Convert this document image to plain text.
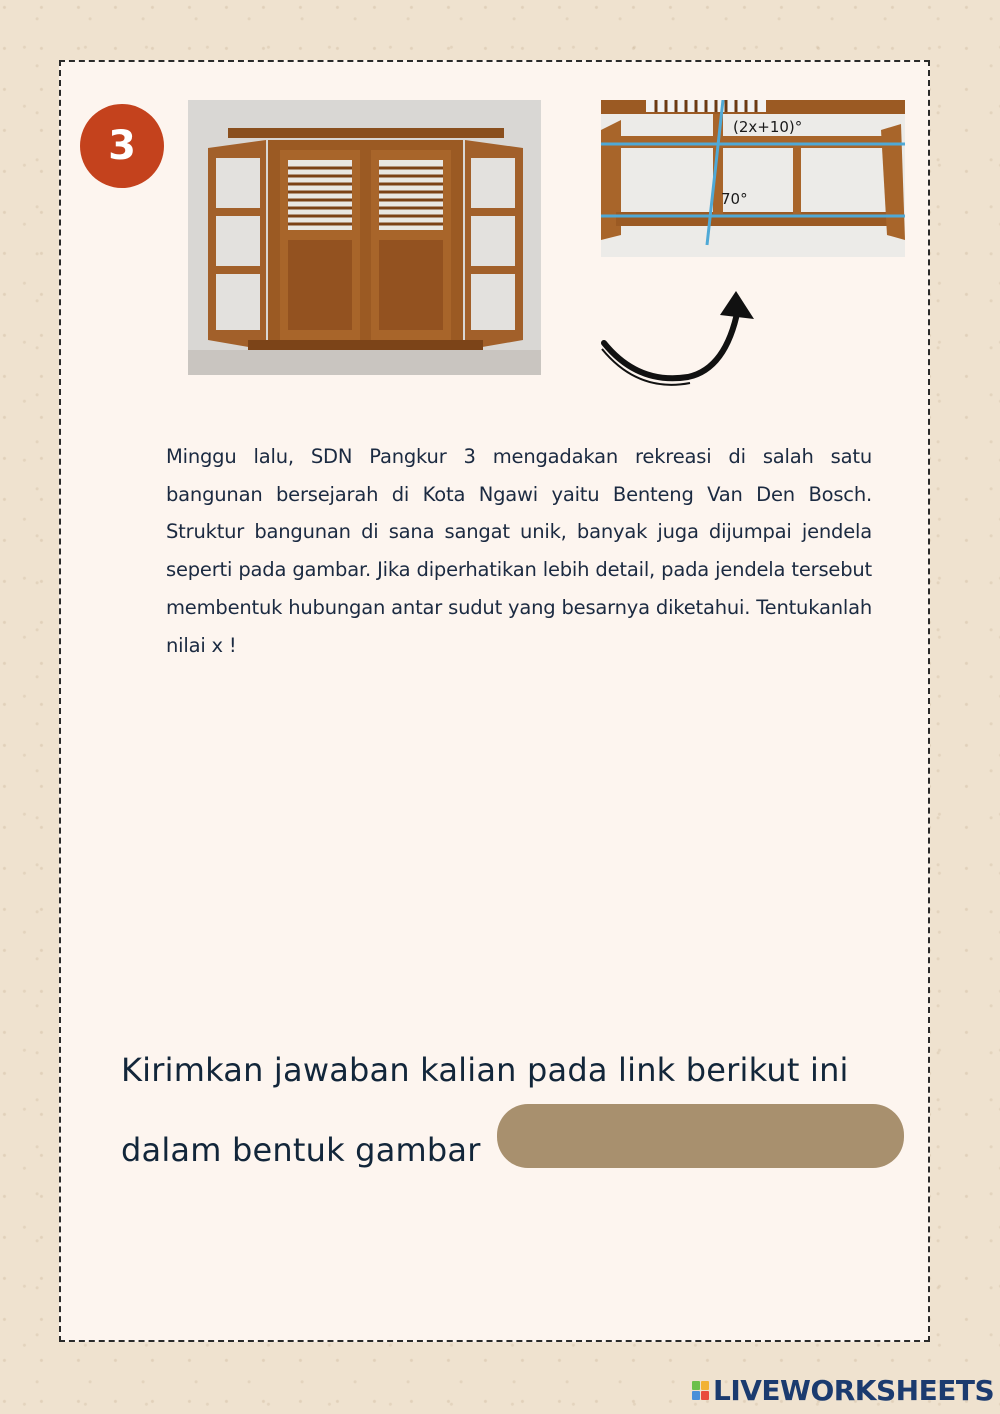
3	(2x+10)°
70°
Minggu lalu, SDN Pangkur 3 mengadakan rekreasi di salah satu bangunan bersejarah di Kota Ngawi yaitu Benteng Van Den Bosch. Struktur bangunan di sana sangat unik, banyak juga dijumpai jendela seperti pada gambar. Jika diperhatikan lebih detail, pada jendela tersebut membentuk hubungan antar sudut yang besarnya diketahui. Tentukanlah nilai x !
Kirimkan jawaban kalian pada link berikut ini dalam bentuk gambar
LIVEWORKSHEETS
